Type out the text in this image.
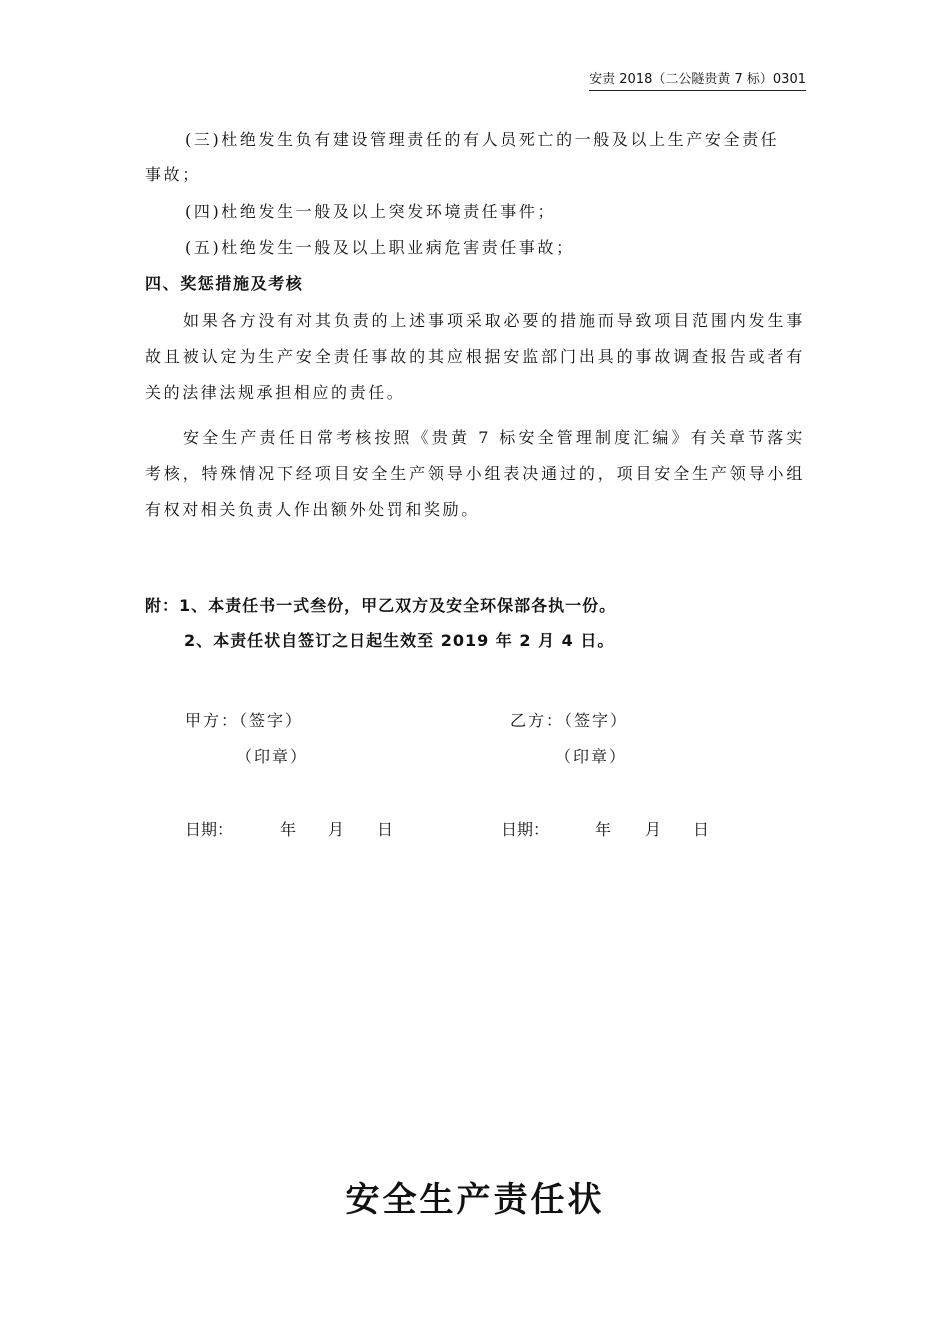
安责 2018（二公隧贵黄 7 标）0301
(三)杜绝发生负有建设管理责任的有人员死亡的一般及以上生产安全责任
事故；
(四)杜绝发生一般及以上突发环境责任事件；
(五)杜绝发生一般及以上职业病危害责任事故；
四、奖惩措施及考核
如果各方没有对其负责的上述事项采取必要的措施而导致项目范围内发生事故且被认定为生产安全责任事故的其应根据安监部门出具的事故调查报告或者有关的法律法规承担相应的责任。
安全生产责任日常考核按照《贵黄 7 标安全管理制度汇编》有关章节落实考核，特殊情况下经项目安全生产领导小组表决通过的，项目安全生产领导小组有权对相关负责人作出额外处罚和奖励。
附：1、本责任书一式叁份，甲乙双方及安全环保部各执一份。
2、本责任状自签订之日起生效至 2019 年 2 月 4 日。
甲方：（签字）
（印章）
乙方：（签字）
（印章）
日期：	年 月 日	日期：	年 月 日
安全生产责任状
